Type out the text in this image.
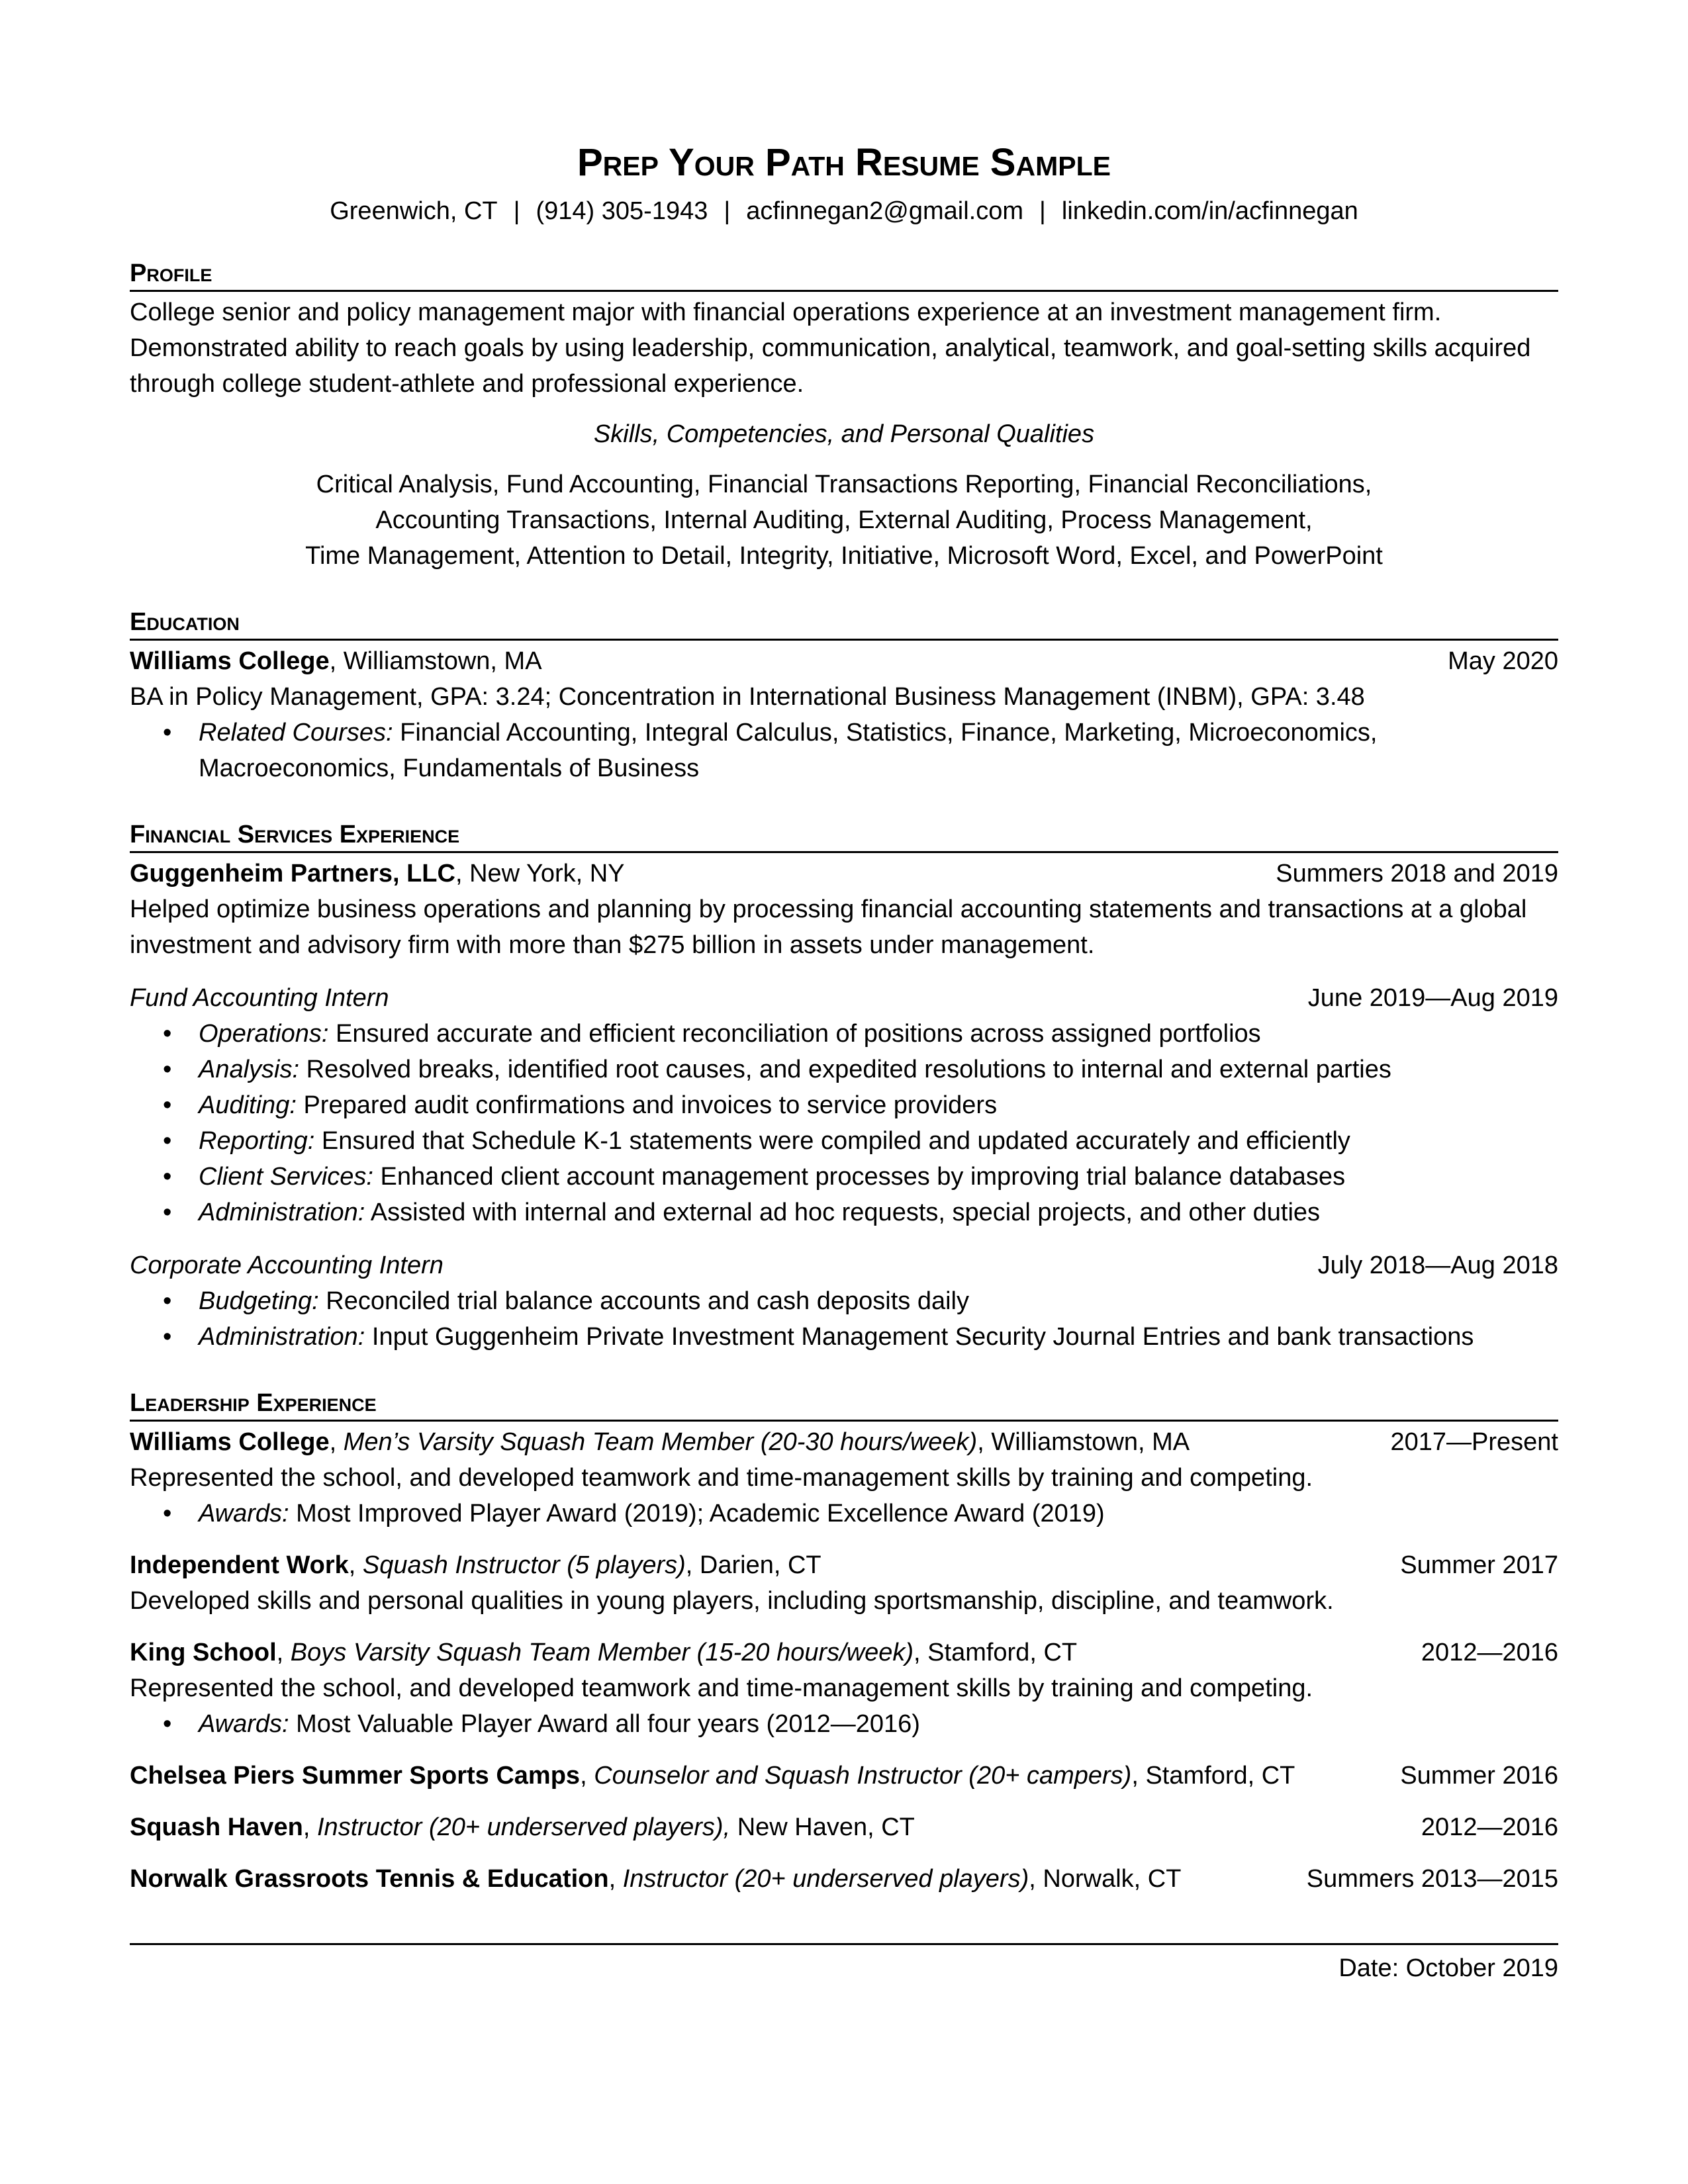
Prep Your Path Resume Sample
Greenwich, CT | (914) 305-1943 | acfinnegan2@gmail.com | linkedin.com/in/acfinnegan
Profile
College senior and policy management major with financial operations experience at an investment management firm. Demonstrated ability to reach goals by using leadership, communication, analytical, teamwork, and goal-setting skills acquired through college student-athlete and professional experience.
Skills, Competencies, and Personal Qualities
Critical Analysis, Fund Accounting, Financial Transactions Reporting, Financial Reconciliations,
Accounting Transactions, Internal Auditing, External Auditing, Process Management,
Time Management, Attention to Detail, Integrity, Initiative, Microsoft Word, Excel, and PowerPoint
Education
Williams College, Williamstown, MA	May 2020
BA in Policy Management, GPA: 3.24; Concentration in International Business Management (INBM), GPA: 3.48
• Related Courses: Financial Accounting, Integral Calculus, Statistics, Finance, Marketing, Microeconomics, Macroeconomics, Fundamentals of Business
Financial Services Experience
Guggenheim Partners, LLC, New York, NY	Summers 2018 and 2019
Helped optimize business operations and planning by processing financial accounting statements and transactions at a global investment and advisory firm with more than $275 billion in assets under management.
Fund Accounting Intern	June 2019—Aug 2019
• Operations: Ensured accurate and efficient reconciliation of positions across assigned portfolios
• Analysis: Resolved breaks, identified root causes, and expedited resolutions to internal and external parties
• Auditing: Prepared audit confirmations and invoices to service providers
• Reporting: Ensured that Schedule K-1 statements were compiled and updated accurately and efficiently
• Client Services: Enhanced client account management processes by improving trial balance databases
• Administration: Assisted with internal and external ad hoc requests, special projects, and other duties
Corporate Accounting Intern	July 2018—Aug 2018
• Budgeting: Reconciled trial balance accounts and cash deposits daily
• Administration: Input Guggenheim Private Investment Management Security Journal Entries and bank transactions
Leadership Experience
Williams College, Men’s Varsity Squash Team Member (20-30 hours/week), Williamstown, MA	2017—Present
Represented the school, and developed teamwork and time-management skills by training and competing.
• Awards: Most Improved Player Award (2019); Academic Excellence Award (2019)
Independent Work, Squash Instructor (5 players), Darien, CT	Summer 2017
Developed skills and personal qualities in young players, including sportsmanship, discipline, and teamwork.
King School, Boys Varsity Squash Team Member (15-20 hours/week), Stamford, CT	2012—2016
Represented the school, and developed teamwork and time-management skills by training and competing.
• Awards: Most Valuable Player Award all four years (2012—2016)
Chelsea Piers Summer Sports Camps, Counselor and Squash Instructor (20+ campers), Stamford, CT	Summer 2016
Squash Haven, Instructor (20+ underserved players), New Haven, CT	2012—2016
Norwalk Grassroots Tennis & Education, Instructor (20+ underserved players), Norwalk, CT	Summers 2013—2015
Date: October 2019
